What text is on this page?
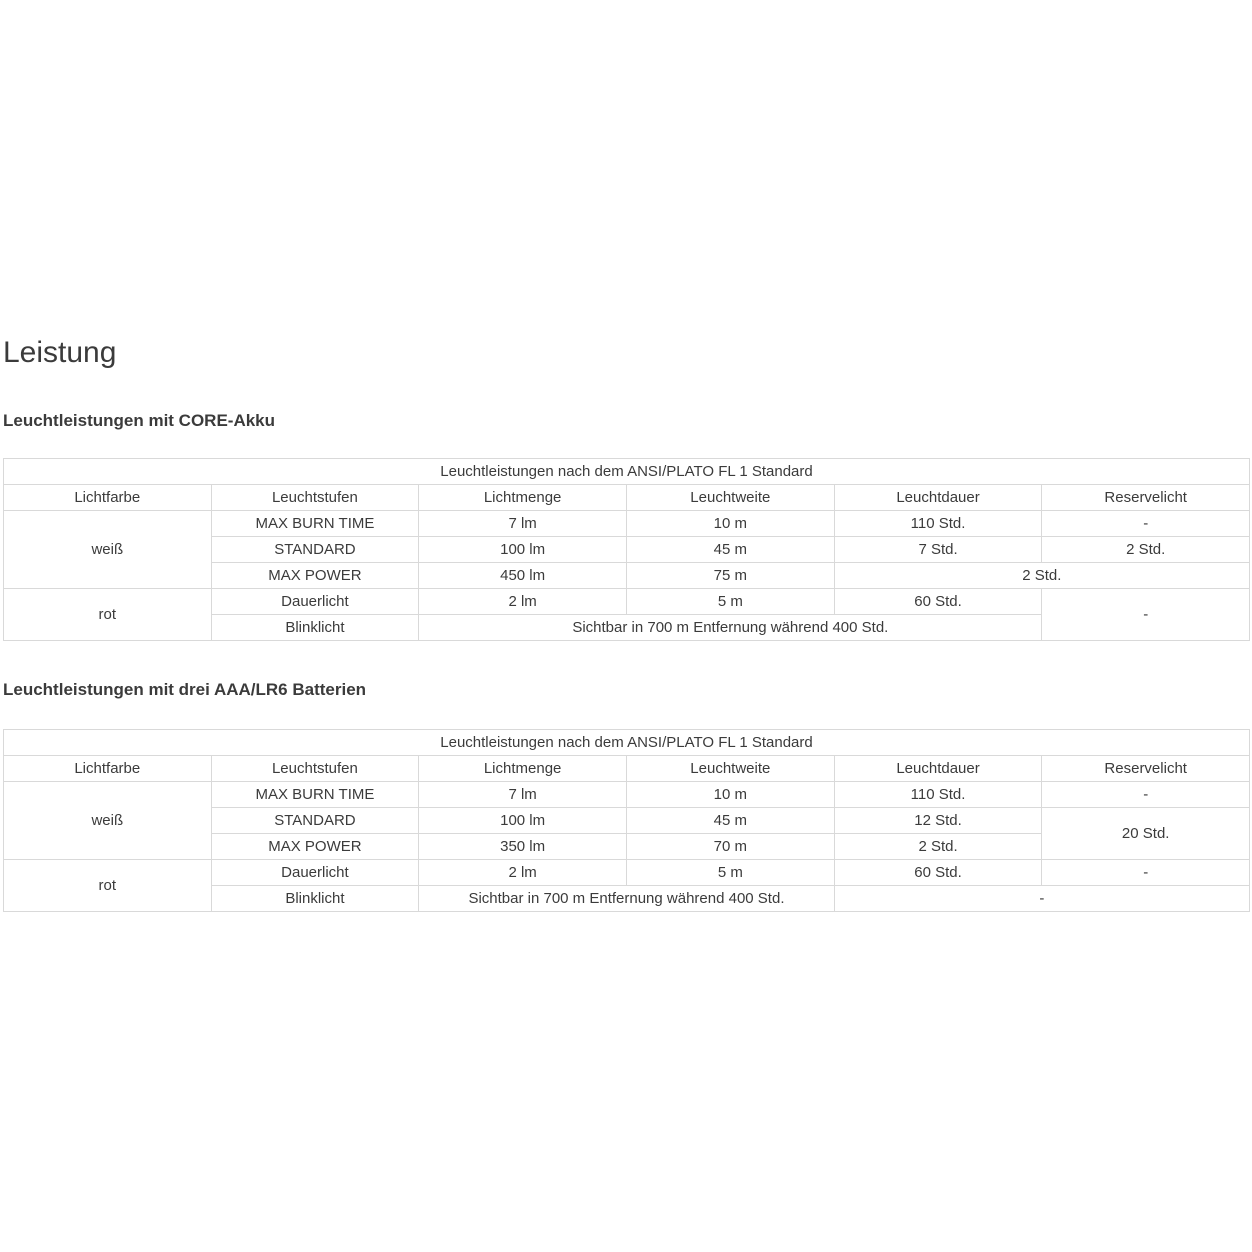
Leistung
Leuchtleistungen mit CORE-Akku
Leuchtleistungen nach dem ANSI/PLATO FL 1 Standard					
Lichtfarbe	Leuchtstufen	Lichtmenge	Leuchtweite	Leuchtdauer	Reservelicht
weiß	MAX BURN TIME	7 lm	10 m	110 Std.	-
	STANDARD	100 lm	45 m	7 Std.	2 Std.
	MAX POWER	450 lm	75 m	2 Std.	
rot	Dauerlicht	2 lm	5 m	60 Std.	-
	Blinklicht	Sichtbar in 700 m Entfernung während 400 Std.			
Leuchtleistungen mit drei AAA/LR6 Batterien
Leuchtleistungen nach dem ANSI/PLATO FL 1 Standard					
Lichtfarbe	Leuchtstufen	Lichtmenge	Leuchtweite	Leuchtdauer	Reservelicht
weiß	MAX BURN TIME	7 lm	10 m	110 Std.	-
	STANDARD	100 lm	45 m	12 Std.	20 Std.
	MAX POWER	350 lm	70 m	2 Std.	
rot	Dauerlicht	2 lm	5 m	60 Std.	-
	Blinklicht	Sichtbar in 700 m Entfernung während 400 Std.		-	
